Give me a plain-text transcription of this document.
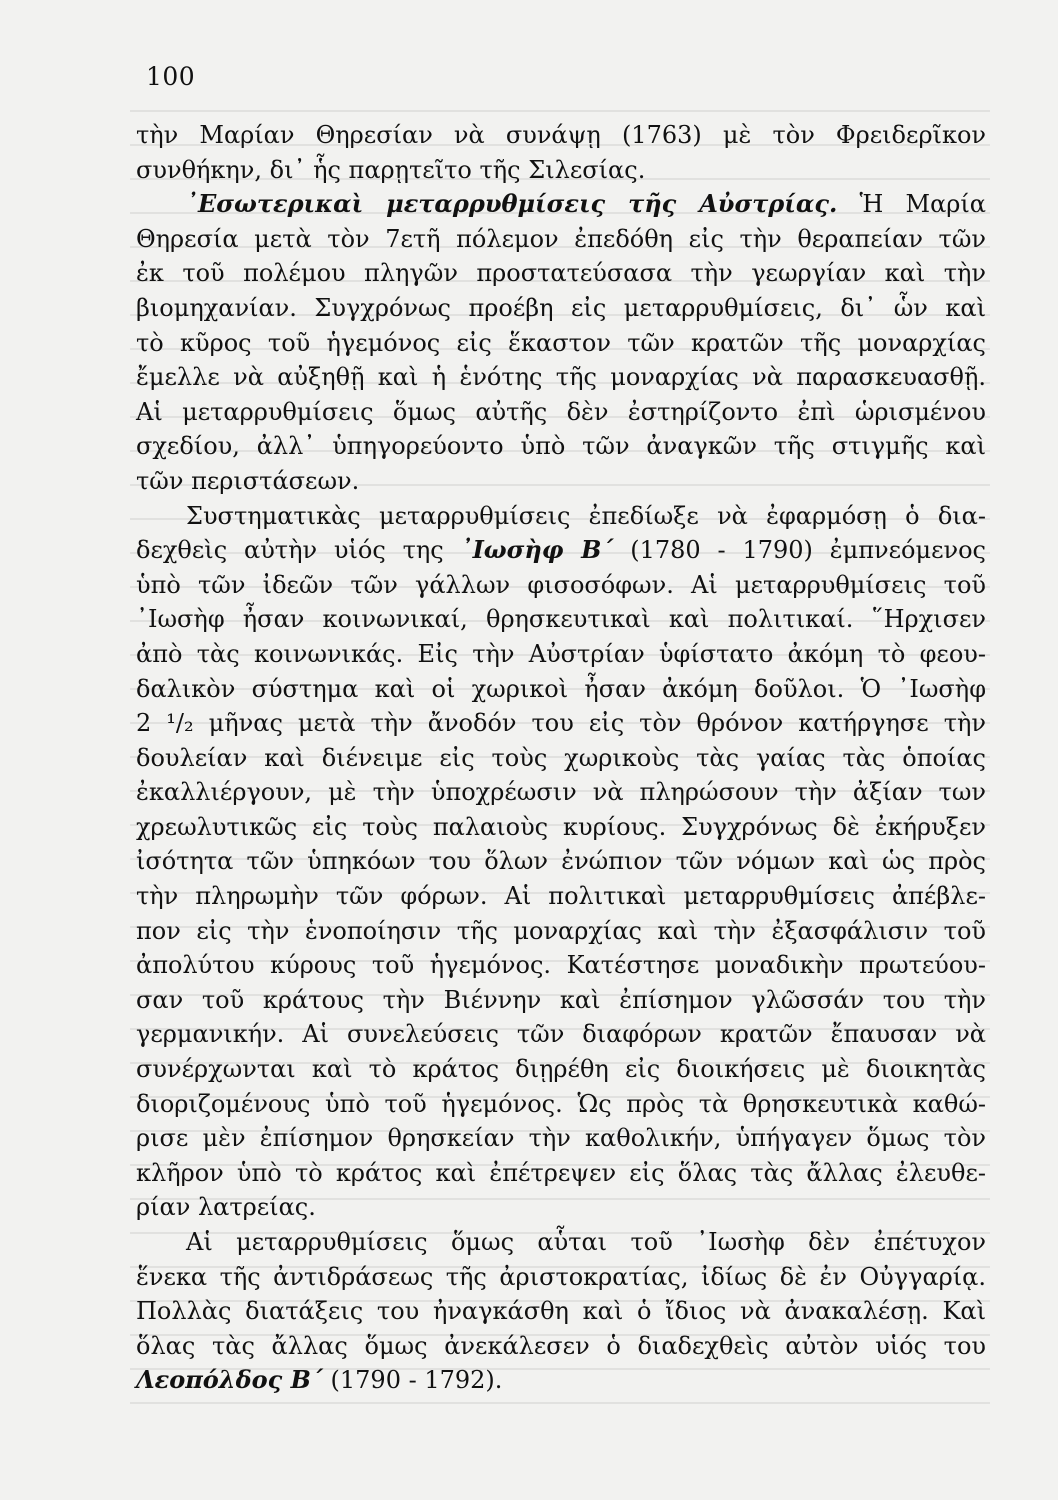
100
τὴν Μαρίαν Θηρεσίαν νὰ συνάψῃ (1763) μὲ τὸν Φρειδερῖκον
συνθήκην, δι᾿ ἧς παρῃτεῖτο τῆς Σιλεσίας.
᾿Εσωτερικαὶ μεταρρυθμίσεις τῆς Αὐστρίας. Ἡ Μαρία
Θηρεσία μετὰ τὸν 7ετῆ πόλεμον ἐπεδόθη εἰς τὴν θεραπείαν τῶν
ἐκ τοῦ πολέμου πληγῶν προστατεύσασα τὴν γεωργίαν καὶ τὴν
βιομηχανίαν. Συγχρόνως προέβη εἰς μεταρρυθμίσεις, δι᾿ ὧν καὶ
τὸ κῦρος τοῦ ἡγεμόνος εἰς ἕκαστον τῶν κρατῶν τῆς μοναρχίας
ἔμελλε νὰ αὐξηθῇ καὶ ἡ ἑνότης τῆς μοναρχίας νὰ παρασκευασθῇ.
Αἱ μεταρρυθμίσεις ὅμως αὐτῆς δὲν ἐστηρίζοντο ἐπὶ ὡρισμένου
σχεδίου, ἀλλ᾿ ὑπηγορεύοντο ὑπὸ τῶν ἀναγκῶν τῆς στιγμῆς καὶ
τῶν περιστάσεων.
Συστηματικὰς μεταρρυθμίσεις ἐπεδίωξε νὰ ἐφαρμόσῃ ὁ δια-
δεχθεὶς αὐτὴν υἱός της ᾿Ιωσὴφ Β΄ (1780 - 1790) ἐμπνεόμενος
ὑπὸ τῶν ἰδεῶν τῶν γάλλων φισοσόφων. Αἱ μεταρρυθμίσεις τοῦ
᾿Ιωσὴφ ἦσαν κοινωνικαί, θρησκευτικαὶ καὶ πολιτικαί. ῞Ηρχισεν
ἀπὸ τὰς κοινωνικάς. Εἰς τὴν Αὐστρίαν ὑφίστατο ἀκόμη τὸ φεου-
δαλικὸν σύστημα καὶ οἱ χωρικοὶ ἦσαν ἀκόμη δοῦλοι. Ὁ ᾿Ιωσὴφ
2 ¹/₂ μῆνας μετὰ τὴν ἄνοδόν του εἰς τὸν θρόνον κατήργησε τὴν
δουλείαν καὶ διένειμε εἰς τοὺς χωρικοὺς τὰς γαίας τὰς ὁποίας
ἐκαλλιέργουν, μὲ τὴν ὑποχρέωσιν νὰ πληρώσουν τὴν ἀξίαν των
χρεωλυτικῶς εἰς τοὺς παλαιοὺς κυρίους. Συγχρόνως δὲ ἐκήρυξεν
ἰσότητα τῶν ὑπηκόων του ὅλων ἐνώπιον τῶν νόμων καὶ ὡς πρὸς
τὴν πληρωμὴν τῶν φόρων. Αἱ πολιτικαὶ μεταρρυθμίσεις ἀπέβλε-
πον εἰς τὴν ἑνοποίησιν τῆς μοναρχίας καὶ τὴν ἐξασφάλισιν τοῦ
ἀπολύτου κύρους τοῦ ἡγεμόνος. Κατέστησε μοναδικὴν πρωτεύου-
σαν τοῦ κράτους τὴν Βιέννην καὶ ἐπίσημον γλῶσσάν του τὴν
γερμανικήν. Αἱ συνελεύσεις τῶν διαφόρων κρατῶν ἔπαυσαν νὰ
συνέρχωνται καὶ τὸ κράτος διῃρέθη εἰς διοικήσεις μὲ διοικητὰς
διοριζομένους ὑπὸ τοῦ ἡγεμόνος. Ὡς πρὸς τὰ θρησκευτικὰ καθώ-
ρισε μὲν ἐπίσημον θρησκείαν τὴν καθολικήν, ὑπήγαγεν ὅμως τὸν
κλῆρον ὑπὸ τὸ κράτος καὶ ἐπέτρεψεν εἰς ὅλας τὰς ἄλλας ἐλευθε-
ρίαν λατρείας.
Αἱ μεταρρυθμίσεις ὅμως αὗται τοῦ ᾿Ιωσὴφ δὲν ἐπέτυχον
ἕνεκα τῆς ἀντιδράσεως τῆς ἀριστοκρατίας, ἰδίως δὲ ἐν Οὐγγαρίᾳ.
Πολλὰς διατάξεις του ἠναγκάσθη καὶ ὁ ἴδιος νὰ ἀνακαλέσῃ. Καὶ
ὅλας τὰς ἄλλας ὅμως ἀνεκάλεσεν ὁ διαδεχθεὶς αὐτὸν υἱός του
Λεοπόλδος Β΄ (1790 - 1792).
